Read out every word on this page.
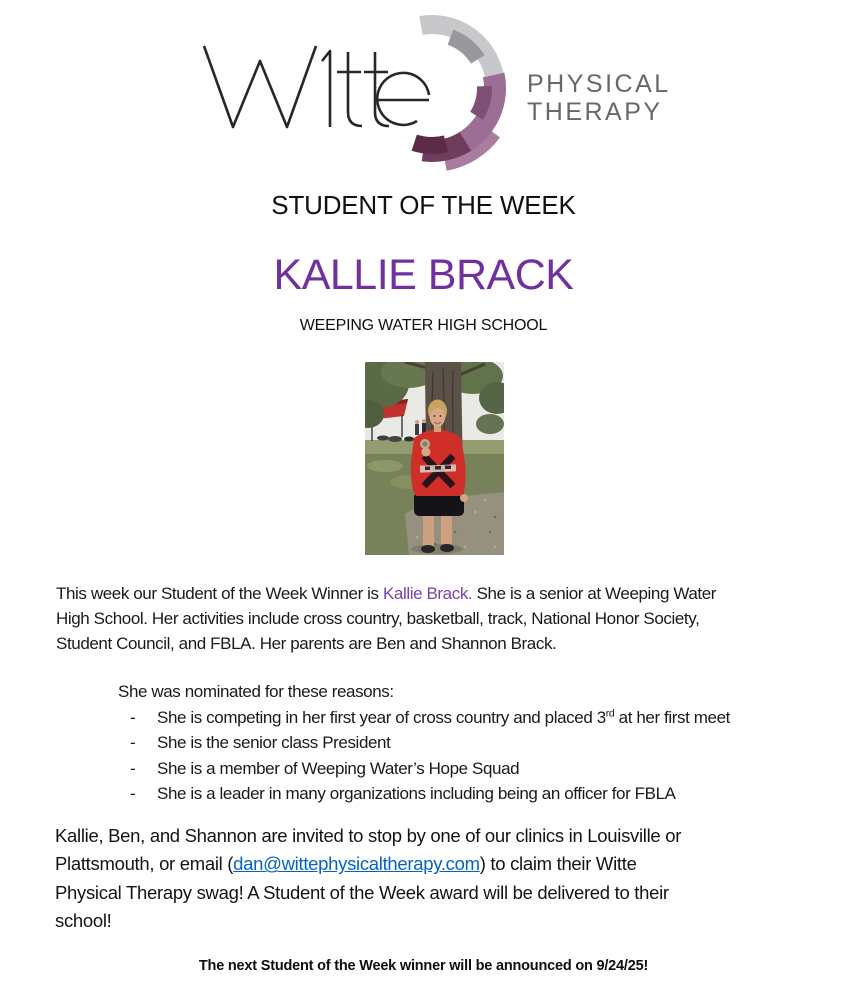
PHYSICAL
THERAPY
STUDENT OF THE WEEK
KALLIE BRACK
WEEPING WATER HIGH SCHOOL
This week our Student of the Week Winner is Kallie Brack. She is a senior at Weeping Water
High School. Her activities include cross country, basketball, track, National Honor Society,
Student Council, and FBLA. Her parents are Ben and Shannon Brack.
She was nominated for these reasons:
-	She is competing in her first year of cross country and placed 3rd at her first meet
-	She is the senior class President
-	She is a member of Weeping Water’s Hope Squad
-	She is a leader in many organizations including being an officer for FBLA
Kallie, Ben, and Shannon are invited to stop by one of our clinics in Louisville or
Plattsmouth, or email (dan@wittephysicaltherapy.com) to claim their Witte
Physical Therapy swag! A Student of the Week award will be delivered to their
school!
The next Student of the Week winner will be announced on 9/24/25!
